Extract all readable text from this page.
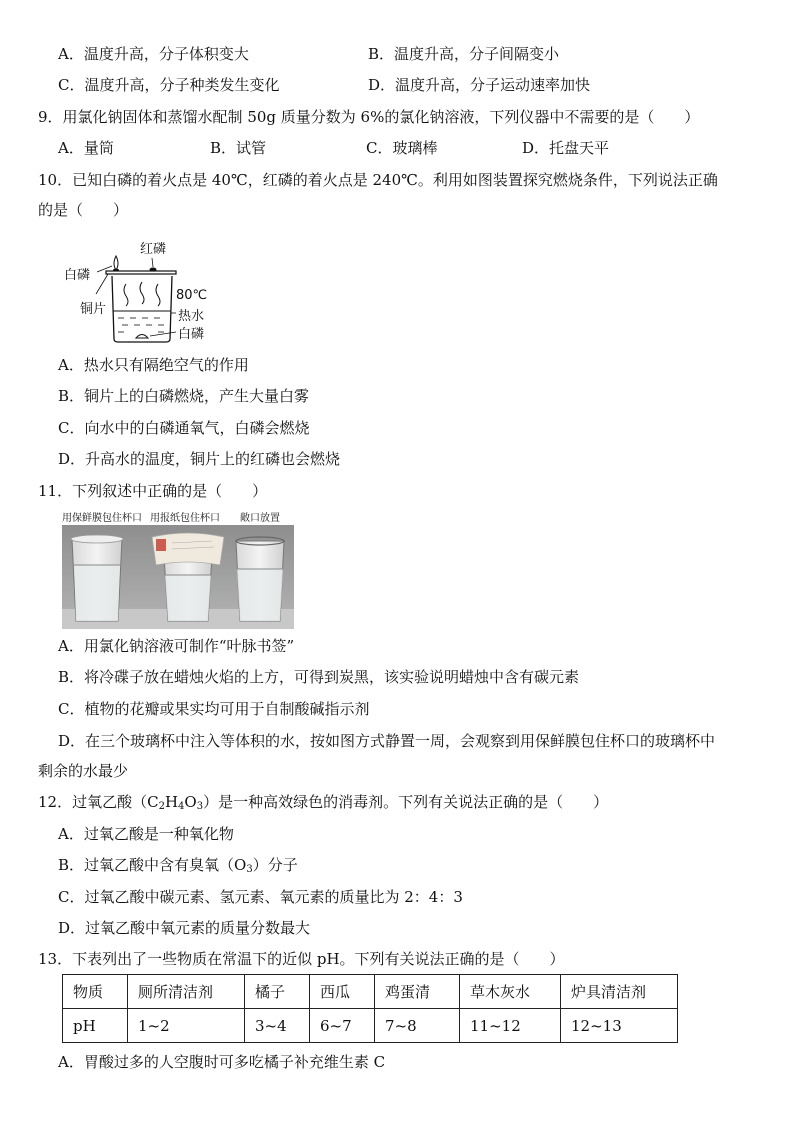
A．温度升高，分子体积变大	B．温度升高，分子间隔变小
C．温度升高，分子种类发生变化	D．温度升高，分子运动速率加快
9．用氯化钠固体和蒸馏水配制 50g 质量分数为 6%的氯化钠溶液，下列仪器中不需要的是（　　）
A．量筒	B．试管	C．玻璃棒	D．托盘天平
10．已知白磷的着火点是 40℃，红磷的着火点是 240℃。利用如图装置探究燃烧条件，下列说法正确
的是（　　）
红磷
白磷
铜片
80℃
热水
白磷
A．热水只有隔绝空气的作用
B．铜片上的白磷燃烧，产生大量白雾
C．向水中的白磷通氧气，白磷会燃烧
D．升高水的温度，铜片上的红磷也会燃烧
11．下列叙述中正确的是（　　）
用保鲜膜包住杯口 用报纸包住杯口 敞口放置
A．用氯化钠溶液可制作“叶脉书签”
B．将冷碟子放在蜡烛火焰的上方，可得到炭黑，该实验说明蜡烛中含有碳元素
C．植物的花瓣或果实均可用于自制酸碱指示剂
D．在三个玻璃杯中注入等体积的水，按如图方式静置一周，会观察到用保鲜膜包住杯口的玻璃杯中
剩余的水最少
12．过氧乙酸$(C_2H_4O_3)$是一种高效绿色的消毒剂。下列有关说法正确的是（　　）
A．过氧乙酸是一种氧化物
B．过氧乙酸中含有臭氧$(O_3)$分子
C．过氧乙酸中碳元素、氢元素、氧元素的质量比为 2：4：3
D．过氧乙酸中氧元素的质量分数最大
13．下表列出了一些物质在常温下的近似 pH。下列有关说法正确的是（　　）
物质	厕所清洁剂	橘子	西瓜	鸡蛋清	草木灰水	炉具清洁剂
pH	1~2	3~4	6~7	7~8	11~12	12~13
A．胃酸过多的人空腹时可多吃橘子补充维生素 C
